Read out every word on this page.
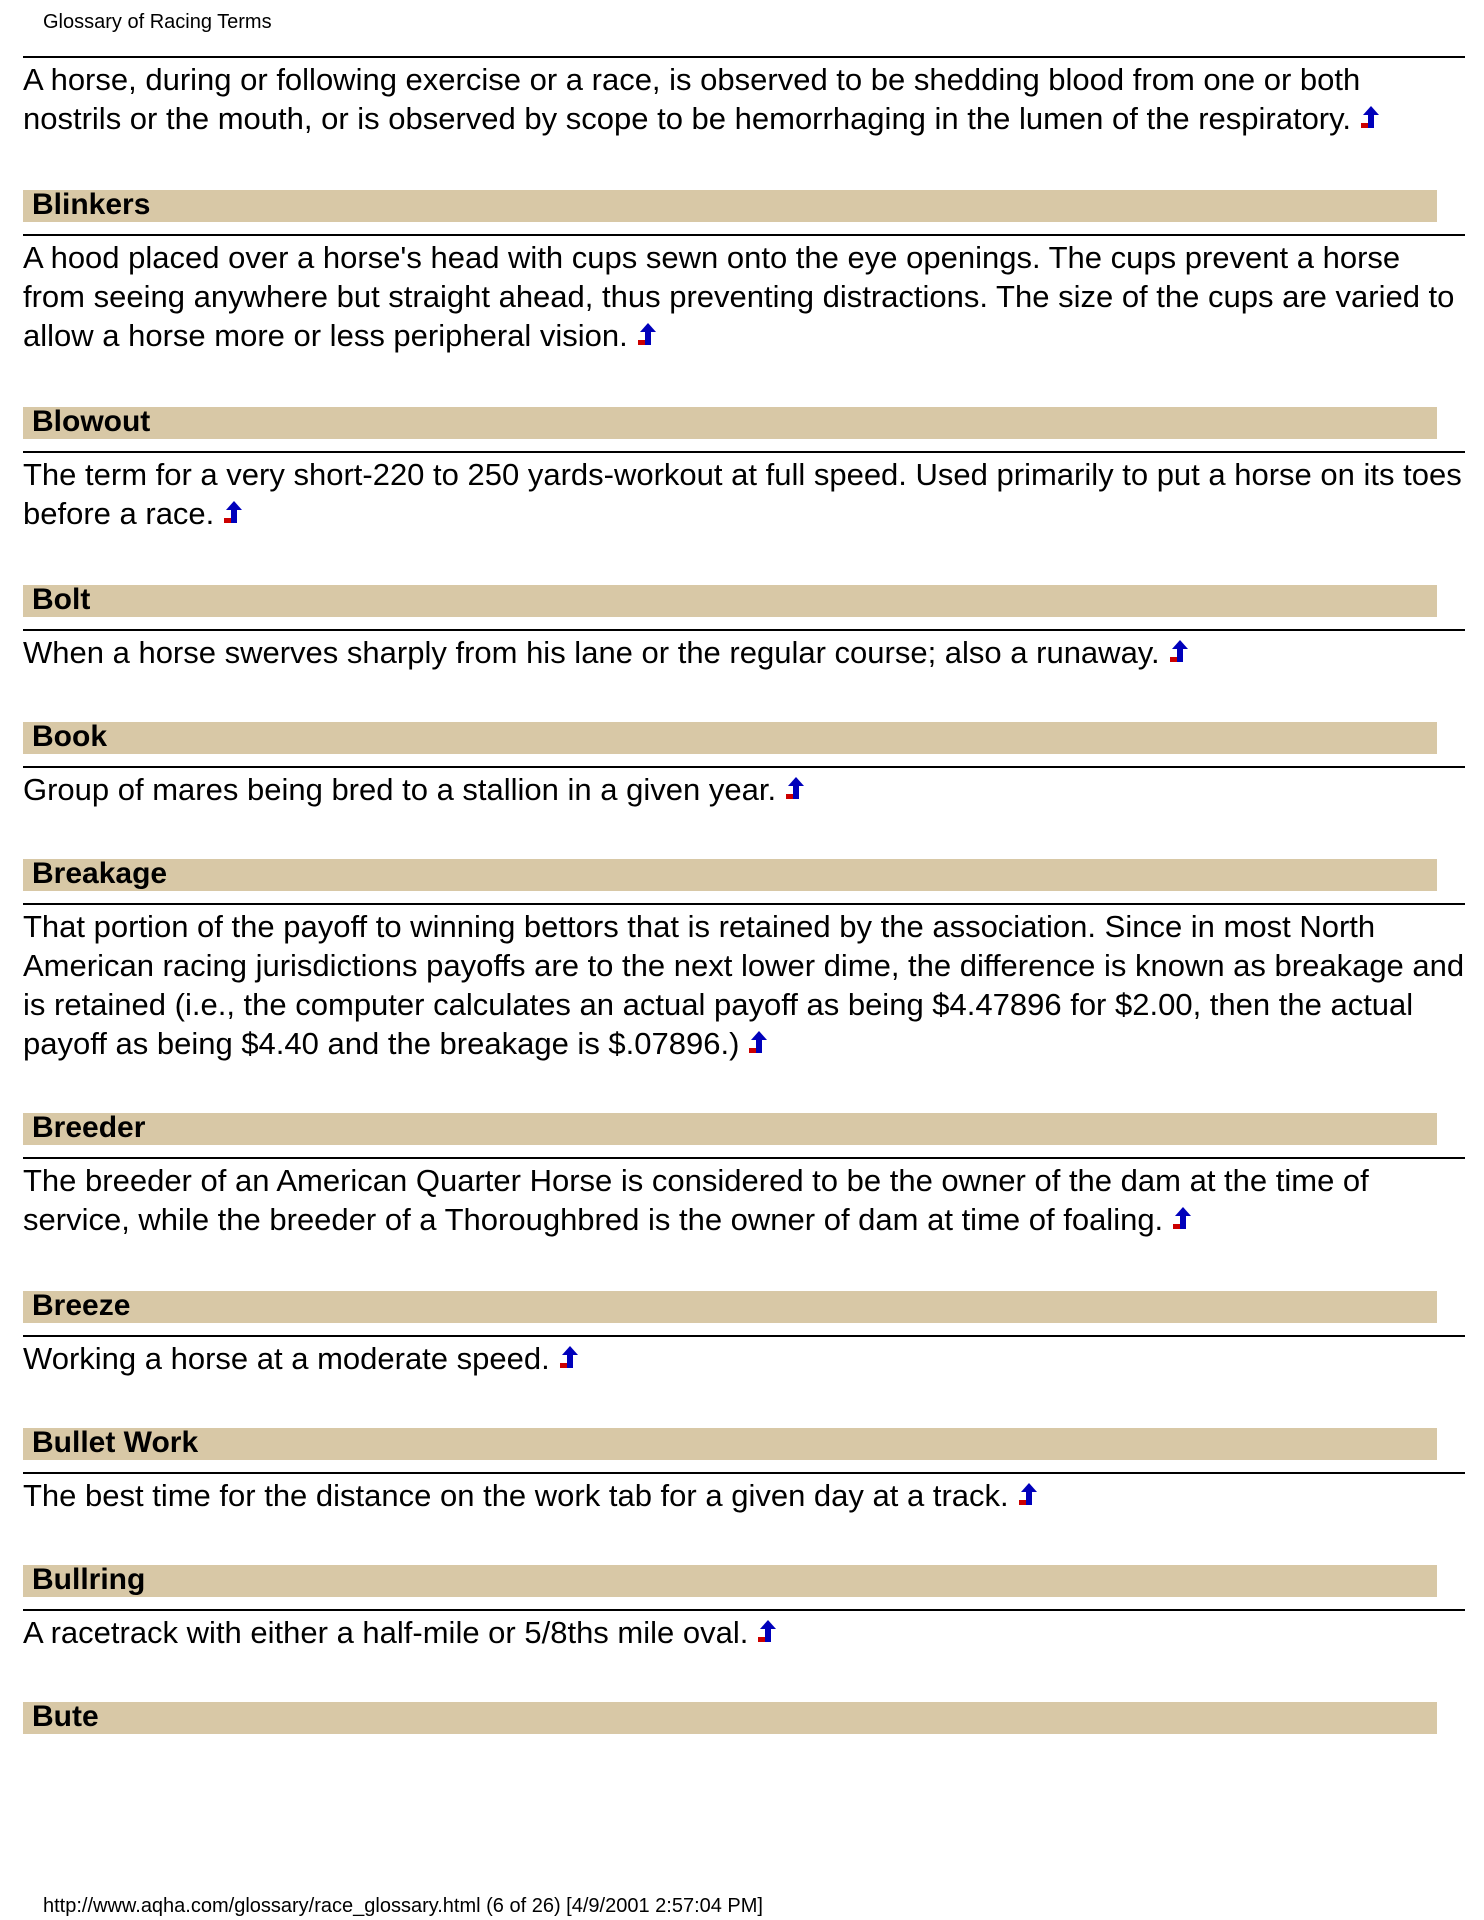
Glossary of Racing Terms

A horse, during or following exercise or a race, is observed to be shedding blood from one or both nostrils or the mouth, or is observed by scope to be hemorrhaging in the lumen of the respiratory.

Blinkers

A hood placed over a horse's head with cups sewn onto the eye openings. The cups prevent a horse from seeing anywhere but straight ahead, thus preventing distractions. The size of the cups are varied to allow a horse more or less peripheral vision.

Blowout

The term for a very short-220 to 250 yards-workout at full speed. Used primarily to put a horse on its toes before a race.

Bolt

When a horse swerves sharply from his lane or the regular course; also a runaway.

Book

Group of mares being bred to a stallion in a given year.

Breakage

That portion of the payoff to winning bettors that is retained by the association. Since in most North American racing jurisdictions payoffs are to the next lower dime, the difference is known as breakage and is retained (i.e., the computer calculates an actual payoff as being $4.47896 for $2.00, then the actual payoff as being $4.40 and the breakage is $.07896.)

Breeder

The breeder of an American Quarter Horse is considered to be the owner of the dam at the time of service, while the breeder of a Thoroughbred is the owner of dam at time of foaling.

Breeze

Working a horse at a moderate speed.

Bullet Work

The best time for the distance on the work tab for a given day at a track.

Bullring

A racetrack with either a half-mile or 5/8ths mile oval.

Bute
http://www.aqha.com/glossary/race_glossary.html (6 of 26) [4/9/2001 2:57:04 PM]
